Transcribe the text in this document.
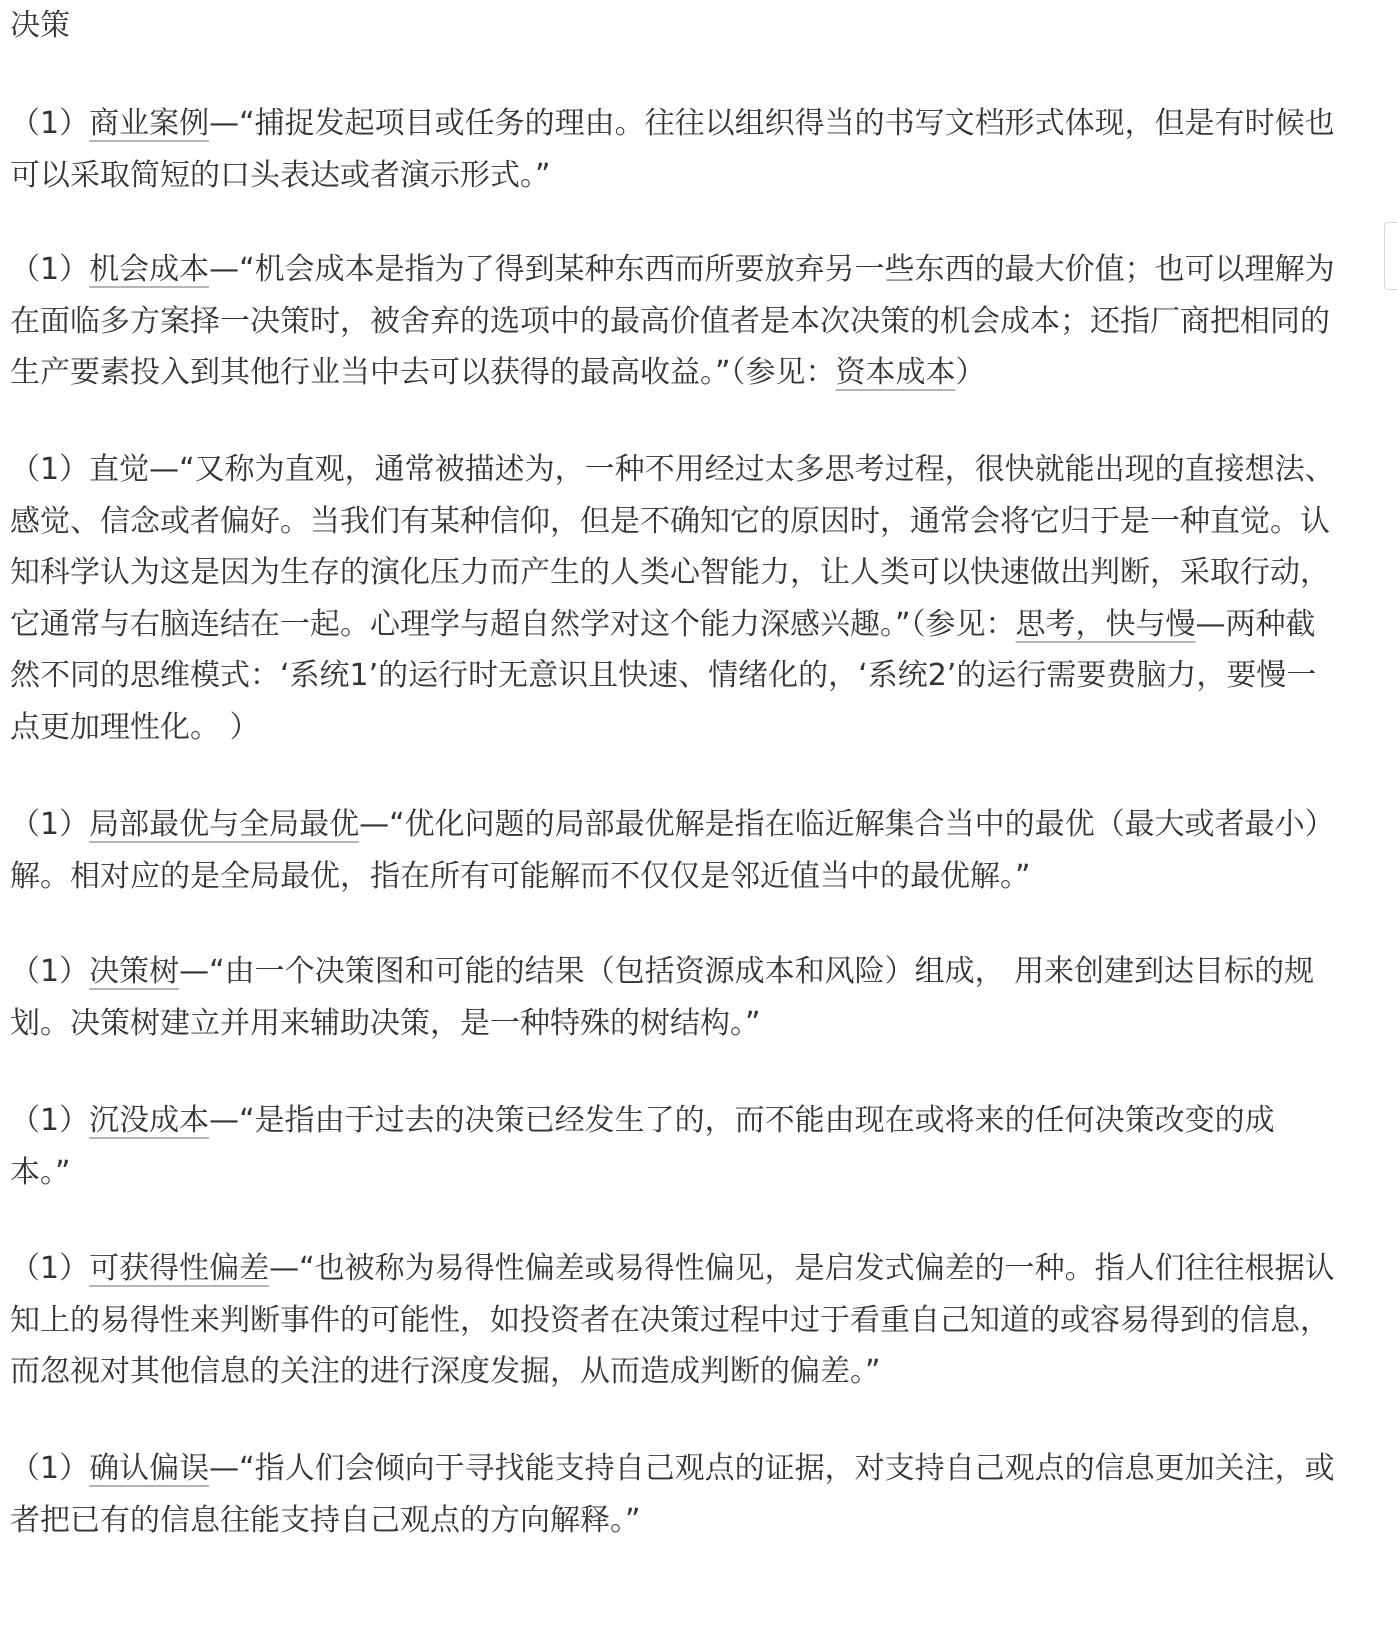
决策

（1）商业案例—“捕捉发起项目或任务的理由。往往以组织得当的书写文档形式体现，但是有时候也可以采取简短的口头表达或者演示形式。”

（1）机会成本—“机会成本是指为了得到某种东西而所要放弃另一些东西的最大价值；也可以理解为在面临多方案择一决策时，被舍弃的选项中的最高价值者是本次决策的机会成本；还指厂商把相同的生产要素投入到其他行业当中去可以获得的最高收益。”（参见：资本成本）

（1）直觉—“又称为直观，通常被描述为，一种不用经过太多思考过程，很快就能出现的直接想法、感觉、信念或者偏好。当我们有某种信仰，但是不确知它的原因时，通常会将它归于是一种直觉。认知科学认为这是因为生存的演化压力而产生的人类心智能力，让人类可以快速做出判断，采取行动，它通常与右脑连结在一起。心理学与超自然学对这个能力深感兴趣。”（参见：思考，快与慢—两种截然不同的思维模式：‘系统1’的运行时无意识且快速、情绪化的，‘系统2’的运行需要费脑力，要慢一点更加理性化。 ）

（1）局部最优与全局最优—“优化问题的局部最优解是指在临近解集合当中的最优（最大或者最小）解。相对应的是全局最优，指在所有可能解而不仅仅是邻近值当中的最优解。”

（1）决策树—“由一个决策图和可能的结果（包括资源成本和风险）组成， 用来创建到达目标的规划。决策树建立并用来辅助决策，是一种特殊的树结构。”

（1）沉没成本—“是指由于过去的决策已经发生了的，而不能由现在或将来的任何决策改变的成本。”

（1）可获得性偏差—“也被称为易得性偏差或易得性偏见，是启发式偏差的一种。指人们往往根据认知上的易得性来判断事件的可能性，如投资者在决策过程中过于看重自己知道的或容易得到的信息，而忽视对其他信息的关注的进行深度发掘，从而造成判断的偏差。”

（1）确认偏误—“指人们会倾向于寻找能支持自己观点的证据，对支持自己观点的信息更加关注，或者把已有的信息往能支持自己观点的方向解释。”
